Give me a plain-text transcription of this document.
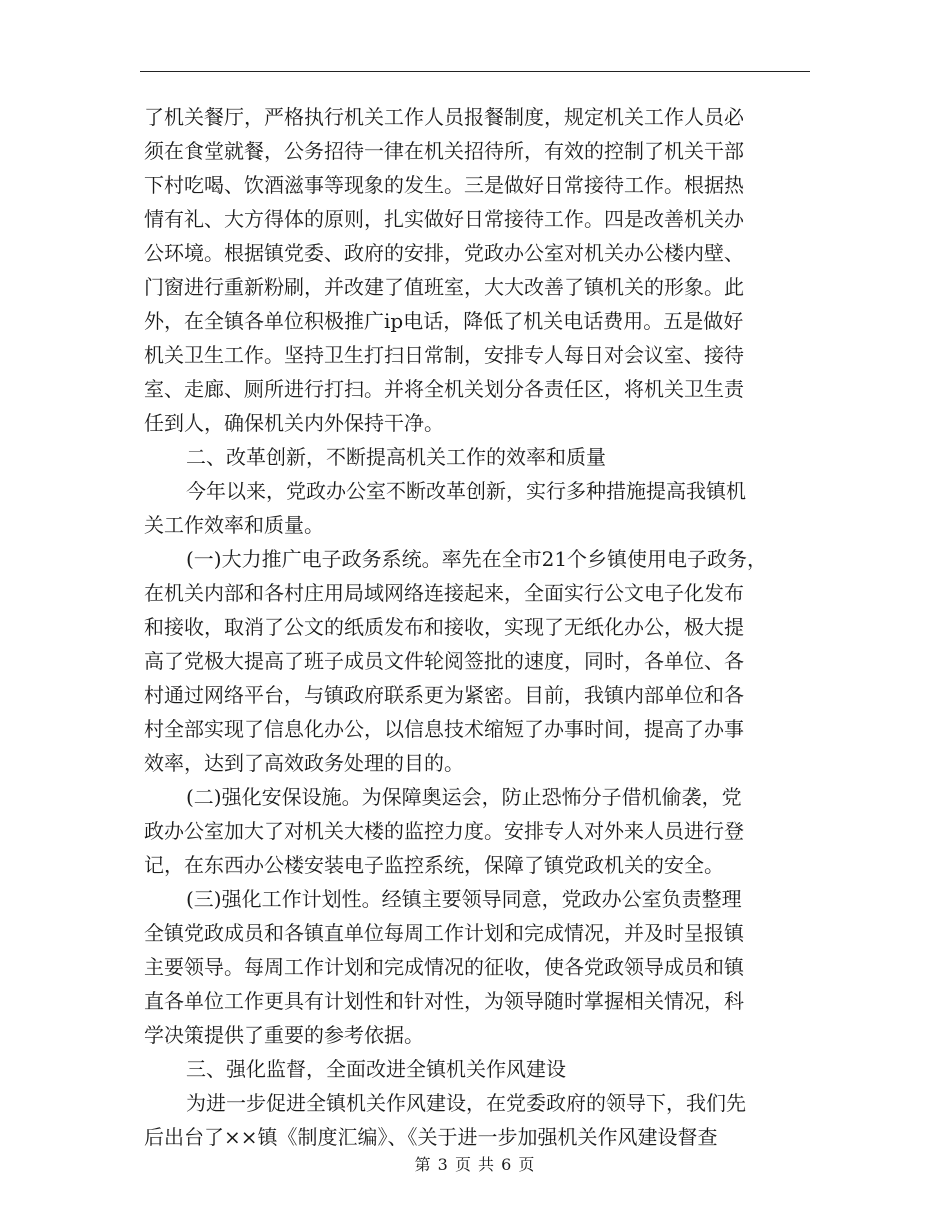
了机关餐厅，严格执行机关工作人员报餐制度，规定机关工作人员必
须在食堂就餐，公务招待一律在机关招待所，有效的控制了机关干部
下村吃喝、饮酒滋事等现象的发生。三是做好日常接待工作。根据热
情有礼、大方得体的原则，扎实做好日常接待工作。四是改善机关办
公环境。根据镇党委、政府的安排，党政办公室对机关办公楼内壁、
门窗进行重新粉刷，并改建了值班室，大大改善了镇机关的形象。此
外，在全镇各单位积极推广ip电话，降低了机关电话费用。五是做好
机关卫生工作。坚持卫生打扫日常制，安排专人每日对会议室、接待
室、走廊、厕所进行打扫。并将全机关划分各责任区，将机关卫生责
任到人，确保机关内外保持干净。
二、改革创新，不断提高机关工作的效率和质量
今年以来，党政办公室不断改革创新，实行多种措施提高我镇机
关工作效率和质量。
(一)大力推广电子政务系统。率先在全市21个乡镇使用电子政务，
在机关内部和各村庄用局域网络连接起来，全面实行公文电子化发布
和接收，取消了公文的纸质发布和接收，实现了无纸化办公，极大提
高了党极大提高了班子成员文件轮阅签批的速度，同时，各单位、各
村通过网络平台，与镇政府联系更为紧密。目前，我镇内部单位和各
村全部实现了信息化办公，以信息技术缩短了办事时间，提高了办事
效率，达到了高效政务处理的目的。
(二)强化安保设施。为保障奥运会，防止恐怖分子借机偷袭，党
政办公室加大了对机关大楼的监控力度。安排专人对外来人员进行登
记，在东西办公楼安装电子监控系统，保障了镇党政机关的安全。
(三)强化工作计划性。经镇主要领导同意，党政办公室负责整理
全镇党政成员和各镇直单位每周工作计划和完成情况，并及时呈报镇
主要领导。每周工作计划和完成情况的征收，使各党政领导成员和镇
直各单位工作更具有计划性和针对性，为领导随时掌握相关情况，科
学决策提供了重要的参考依据。
三、强化监督，全面改进全镇机关作风建设
为进一步促进全镇机关作风建设，在党委政府的领导下，我们先
后出台了××镇《制度汇编》、《关于进一步加强机关作风建设督查
第 3 页 共 6 页
